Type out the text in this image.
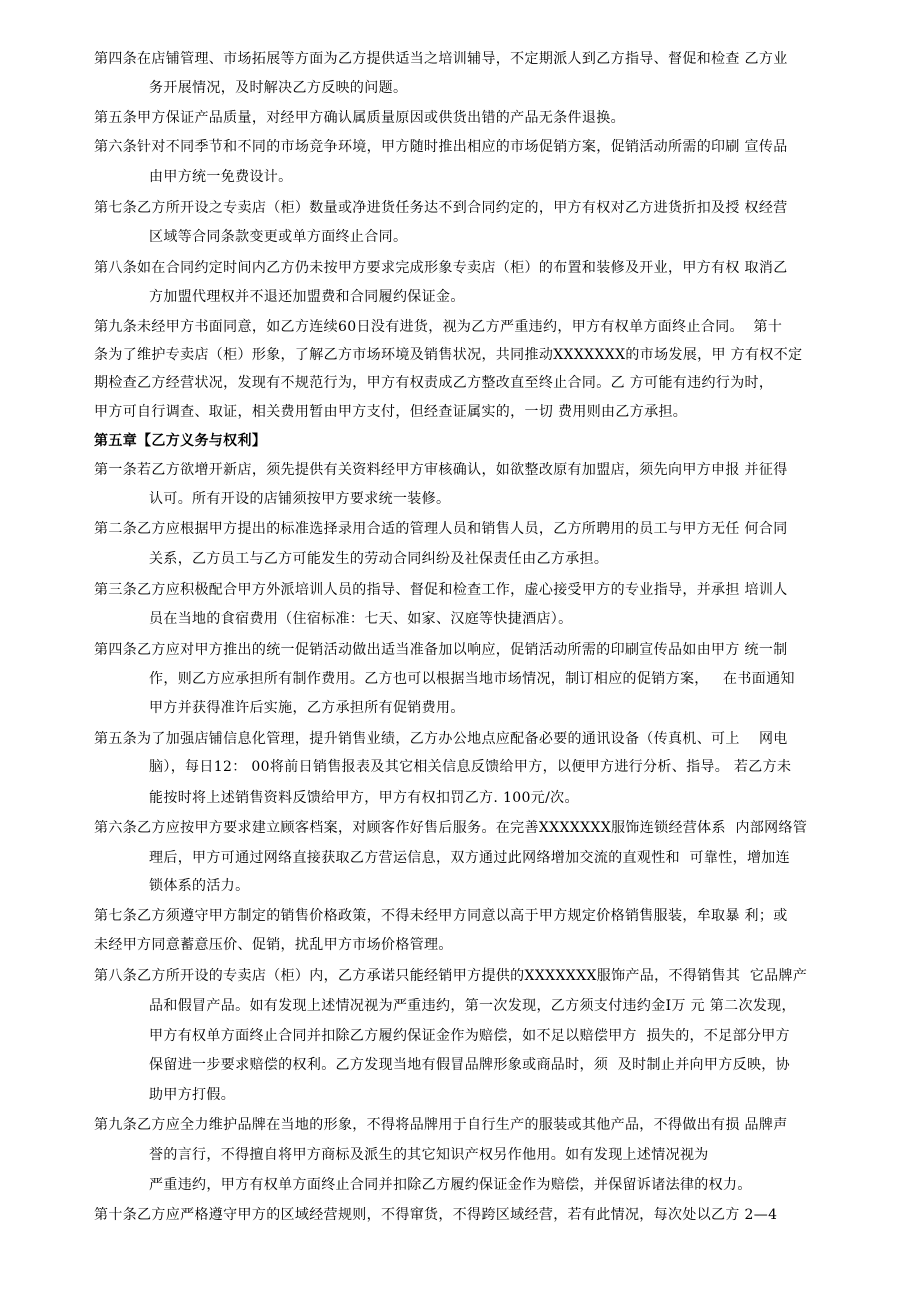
第四条在店铺管理、市场拓展等方面为乙方提供适当之培训辅导，不定期派人到乙方指导、督促和检查 乙方业
务开展情况，及时解决乙方反映的问题。
第五条甲方保证产品质量，对经甲方确认属质量原因或供货出错的产品无条件退换。
第六条针对不同季节和不同的市场竞争环境，甲方随时推出相应的市场促销方案，促销活动所需的印刷 宣传品
由甲方统一免费设计。
第七条乙方所开设之专卖店（柜）数量或净进货任务达不到合同约定的，甲方有权对乙方进货折扣及授 权经营
区域等合同条款变更或单方面终止合同。
第八条如在合同约定时间内乙方仍未按甲方要求完成形象专卖店（柜）的布置和装修及开业，甲方有权 取消乙
方加盟代理权并不退还加盟费和合同履约保证金。
第九条未经甲方书面同意，如乙方连续60日没有进货，视为乙方严重违约，甲方有权单方面终止合同。  第十
条为了维护专卖店（柜）形象，了解乙方市场环境及销售状况，共同推动XXXXXXX的市场发展，甲 方有权不定
期检查乙方经营状况，发现有不规范行为，甲方有权责成乙方整改直至终止合同。乙 方可能有违约行为时，
甲方可自行调查、取证，相关费用暂由甲方支付，但经查证属实的，一切 费用则由乙方承担。
第五章【乙方义务与权利】
第一条若乙方欲增开新店，须先提供有关资料经甲方审核确认，如欲整改原有加盟店，须先向甲方申报 并征得
认可。所有开设的店铺须按甲方要求统一装修。
第二条乙方应根据甲方提出的标准选择录用合适的管理人员和销售人员，乙方所聘用的员工与甲方无任 何合同
关系，乙方员工与乙方可能发生的劳动合同纠纷及社保责任由乙方承担。
第三条乙方应积极配合甲方外派培训人员的指导、督促和检查工作，虚心接受甲方的专业指导，并承担 培训人
员在当地的食宿费用（住宿标准：七天、如家、汉庭等快捷酒店）。
第四条乙方应对甲方推出的统一促销活动做出适当准备加以响应，促销活动所需的印刷宣传品如由甲方 统一制
作，则乙方应承担所有制作费用。乙方也可以根据当地市场情况，制订相应的促销方案，   在书面通知
甲方并获得准许后实施，乙方承担所有促销费用。
第五条为了加强店铺信息化管理，提升销售业绩，乙方办公地点应配备必要的通讯设备（传真机、可上    网电
脑），每日12： 00将前日销售报表及其它相关信息反馈给甲方，以便甲方进行分析、指导。 若乙方未
能按时将上述销售资料反馈给甲方，甲方有权扣罚乙方. 100元/次。
第六条乙方应按甲方要求建立顾客档案，对顾客作好售后服务。在完善XXXXXXX服饰连锁经营体系  内部网络管
理后，甲方可通过网络直接获取乙方营运信息，双方通过此网络增加交流的直观性和  可靠性，增加连
锁体系的活力。
第七条乙方须遵守甲方制定的销售价格政策，不得未经甲方同意以高于甲方规定价格销售服装，牟取暴 利；或
未经甲方同意蓄意压价、促销，扰乱甲方市场价格管理。
第八条乙方所开设的专卖店（柜）内，乙方承诺只能经销甲方提供的XXXXXXX服饰产品，不得销售其  它品牌产
品和假冒产品。如有发现上述情况视为严重违约，第一次发现，乙方须支付违约金I万 元 第二次发现，
甲方有权单方面终止合同并扣除乙方履约保证金作为赔偿，如不足以赔偿甲方  损失的，不足部分甲方
保留进一步要求赔偿的权利。乙方发现当地有假冒品牌形象或商品时，须  及时制止并向甲方反映，协
助甲方打假。
第九条乙方应全力维护品牌在当地的形象，不得将品牌用于自行生产的服装或其他产品，不得做出有损 品牌声
誉的言行，不得擅自将甲方商标及派生的其它知识产权另作他用。如有发现上述情况视为
严重违约，甲方有权单方面终止合同并扣除乙方履约保证金作为赔偿，并保留诉诸法律的权力。
第十条乙方应严格遵守甲方的区域经营规则，不得窜货，不得跨区域经营，若有此情况，每次处以乙方 2—4
